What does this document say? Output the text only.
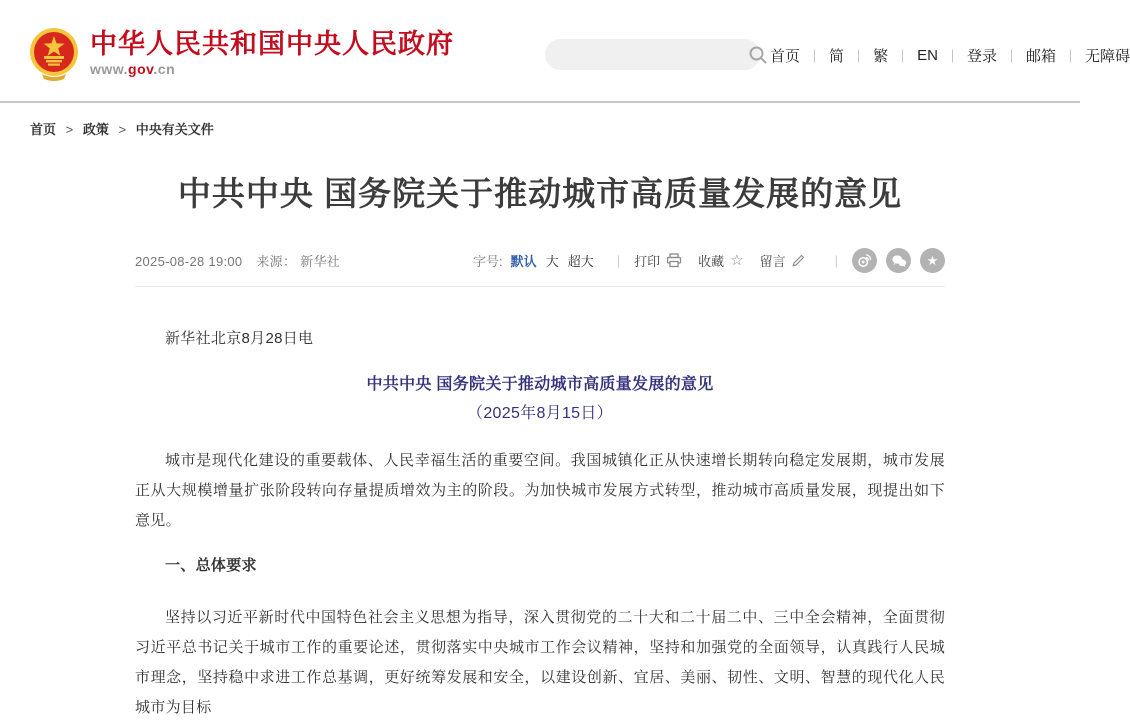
中华人民共和国中央人民政府
www.gov.cn
首页 ｜ 简 ｜ 繁 ｜ EN ｜ 登录 ｜ 邮箱 ｜ 无障碍
首页 > 政策 > 中央有关文件
中共中央 国务院关于推动城市高质量发展的意见
2025-08-28 19:00 来源： 新华社	字号: 默认 大 超大 | 打印	收藏 ☆ 留言	|	★

新华社北京8月28日电

中共中央 国务院关于推动城市高质量发展的意见

（2025年8月15日）

城市是现代化建设的重要载体、人民幸福生活的重要空间。我国城镇化正从快速增长期转向稳定发展期，城市发展正从大规模增量扩张阶段转向存量提质增效为主的阶段。为加快城市发展方式转型，推动城市高质量发展，现提出如下意见。

一、总体要求

坚持以习近平新时代中国特色社会主义思想为指导，深入贯彻党的二十大和二十届二中、三中全会精神，全面贯彻习近平总书记关于城市工作的重要论述，贯彻落实中央城市工作会议精神，坚持和加强党的全面领导，认真践行人民城市理念，坚持稳中求进工作总基调，更好统筹发展和安全，以建设创新、宜居、美丽、韧性、文明、智慧的现代化人民城市为目标
